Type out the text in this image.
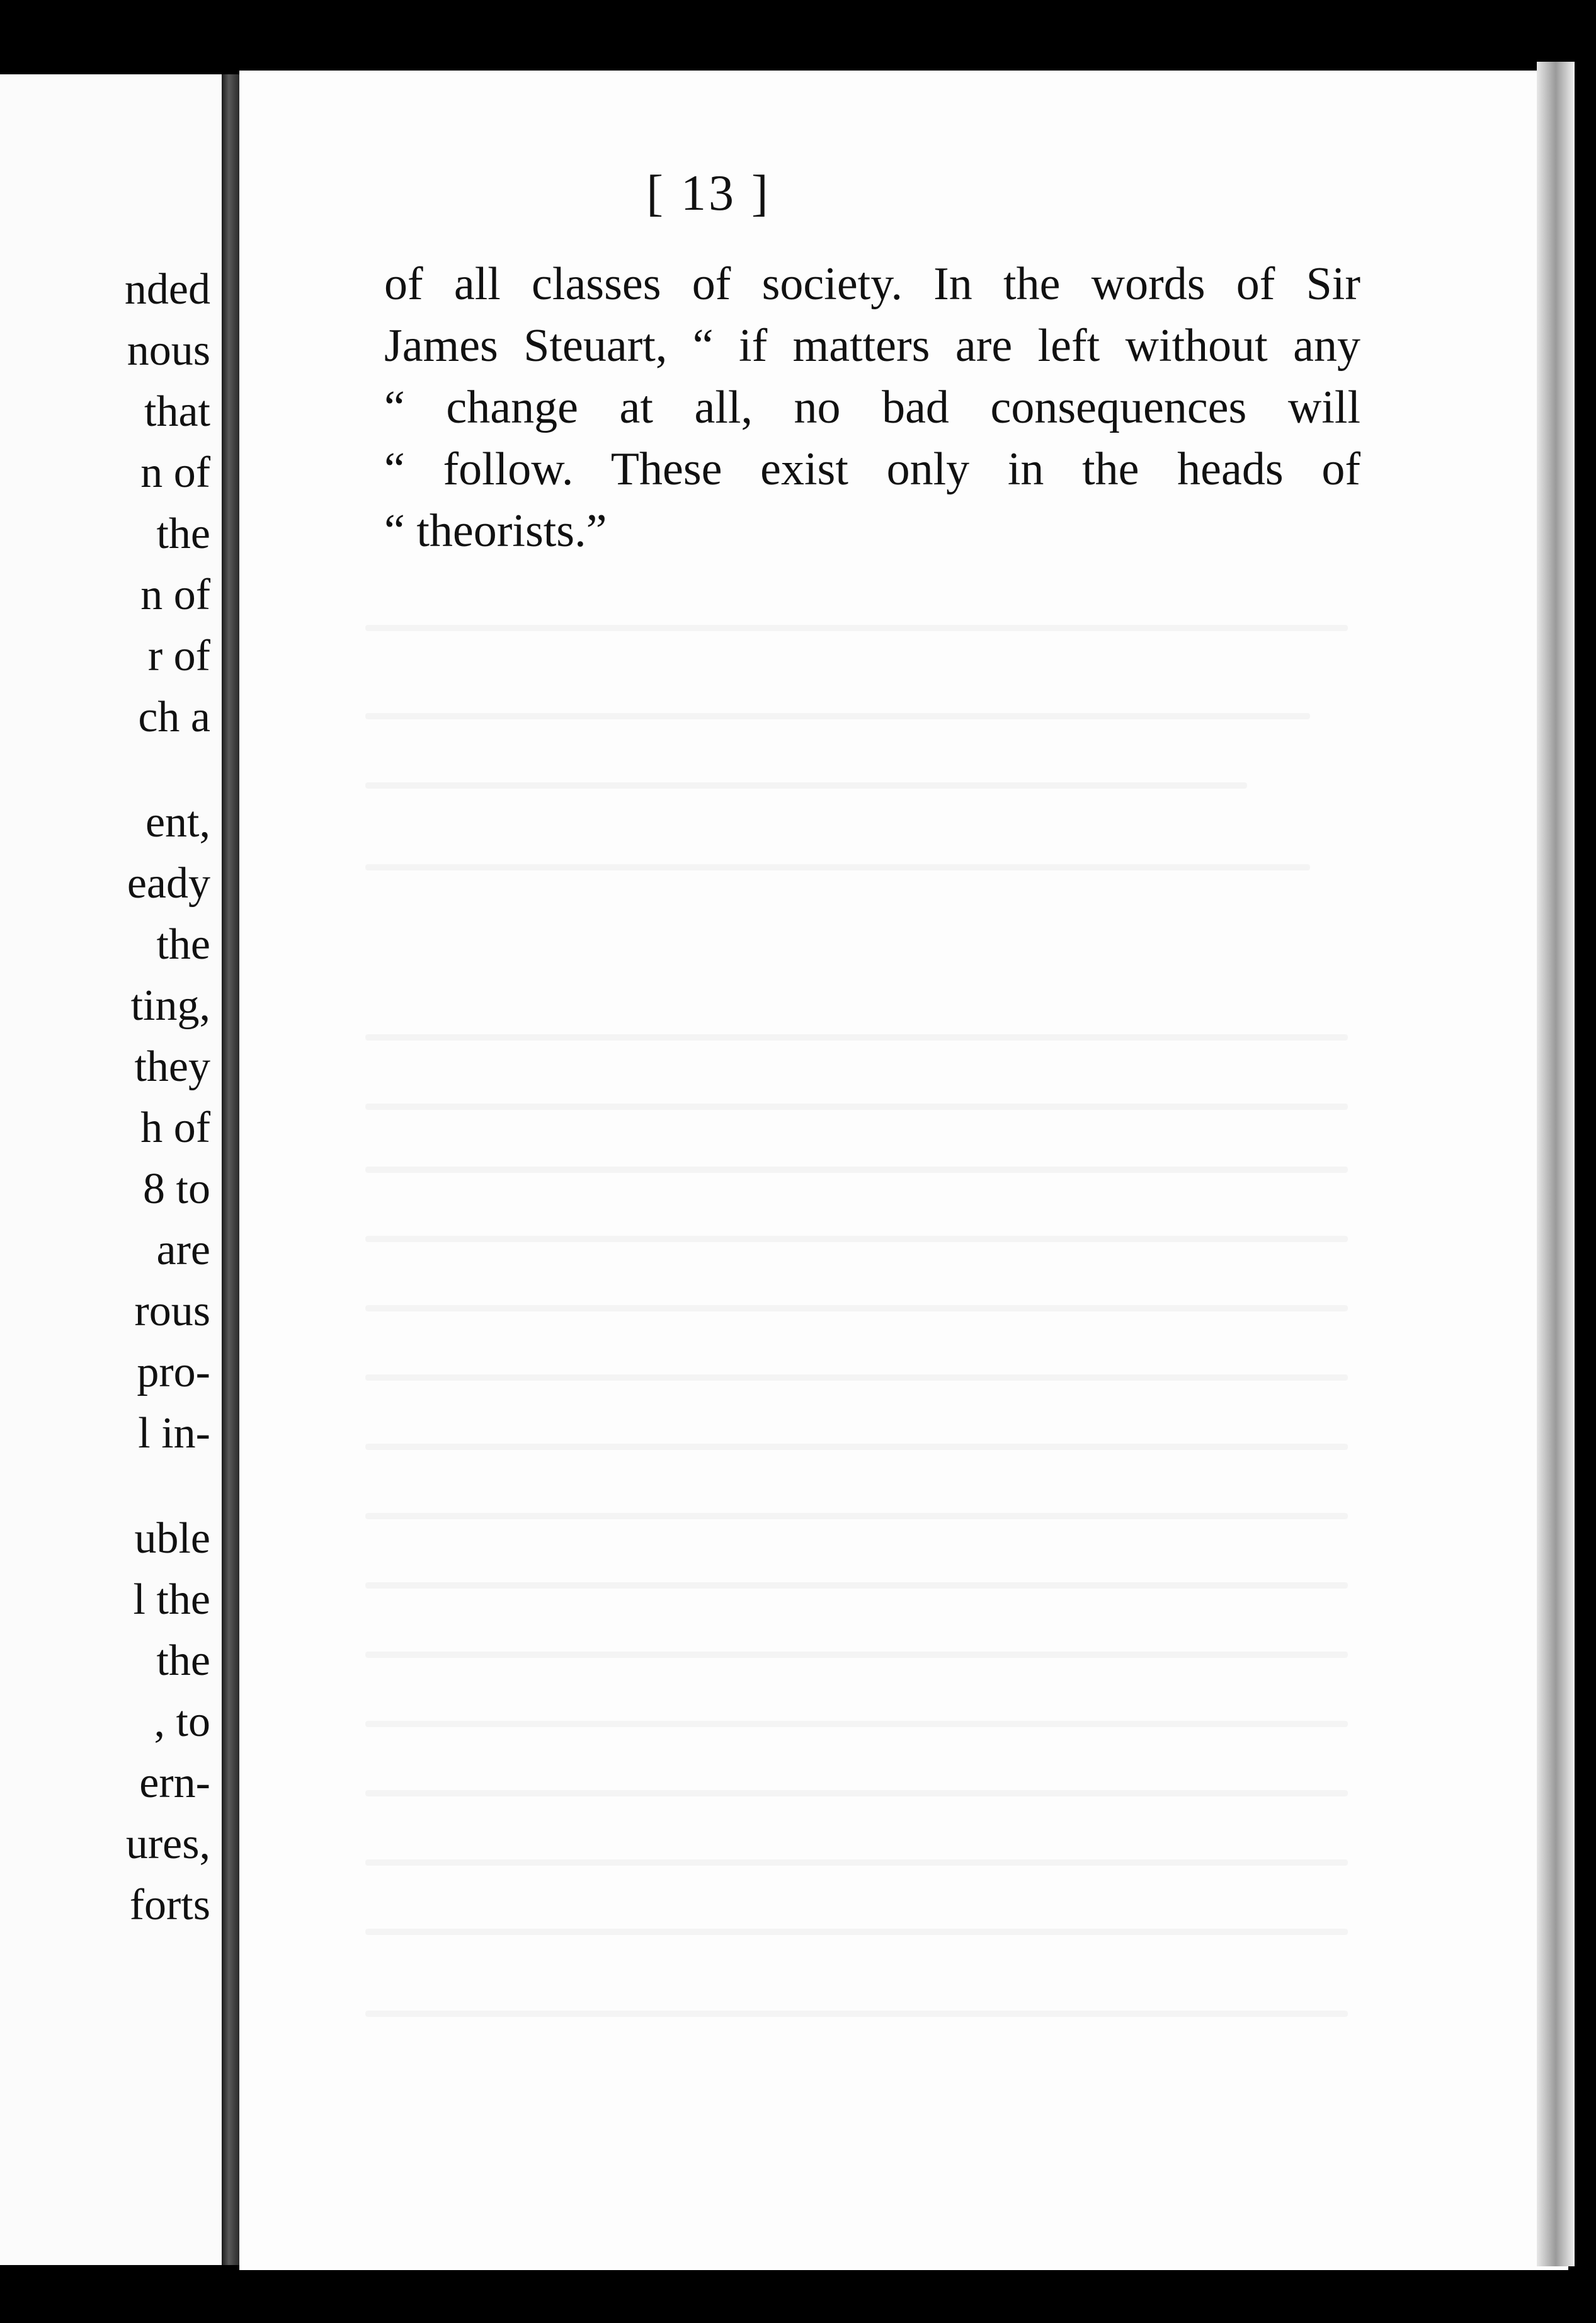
nded
nous
that
n of
the
n of
r of
ch a
ent,
eady
the
ting,
they
h of
8 to
are
rous
pro-
l in-
uble
l the
the
, to
ern-
ures,
forts
[ 13 ]
of all classes of society. In the words of Sir
James Steuart, “ if matters are left without any
“ change at all, no bad consequences will
“ follow. These exist only in the heads of
“ theorists.”
